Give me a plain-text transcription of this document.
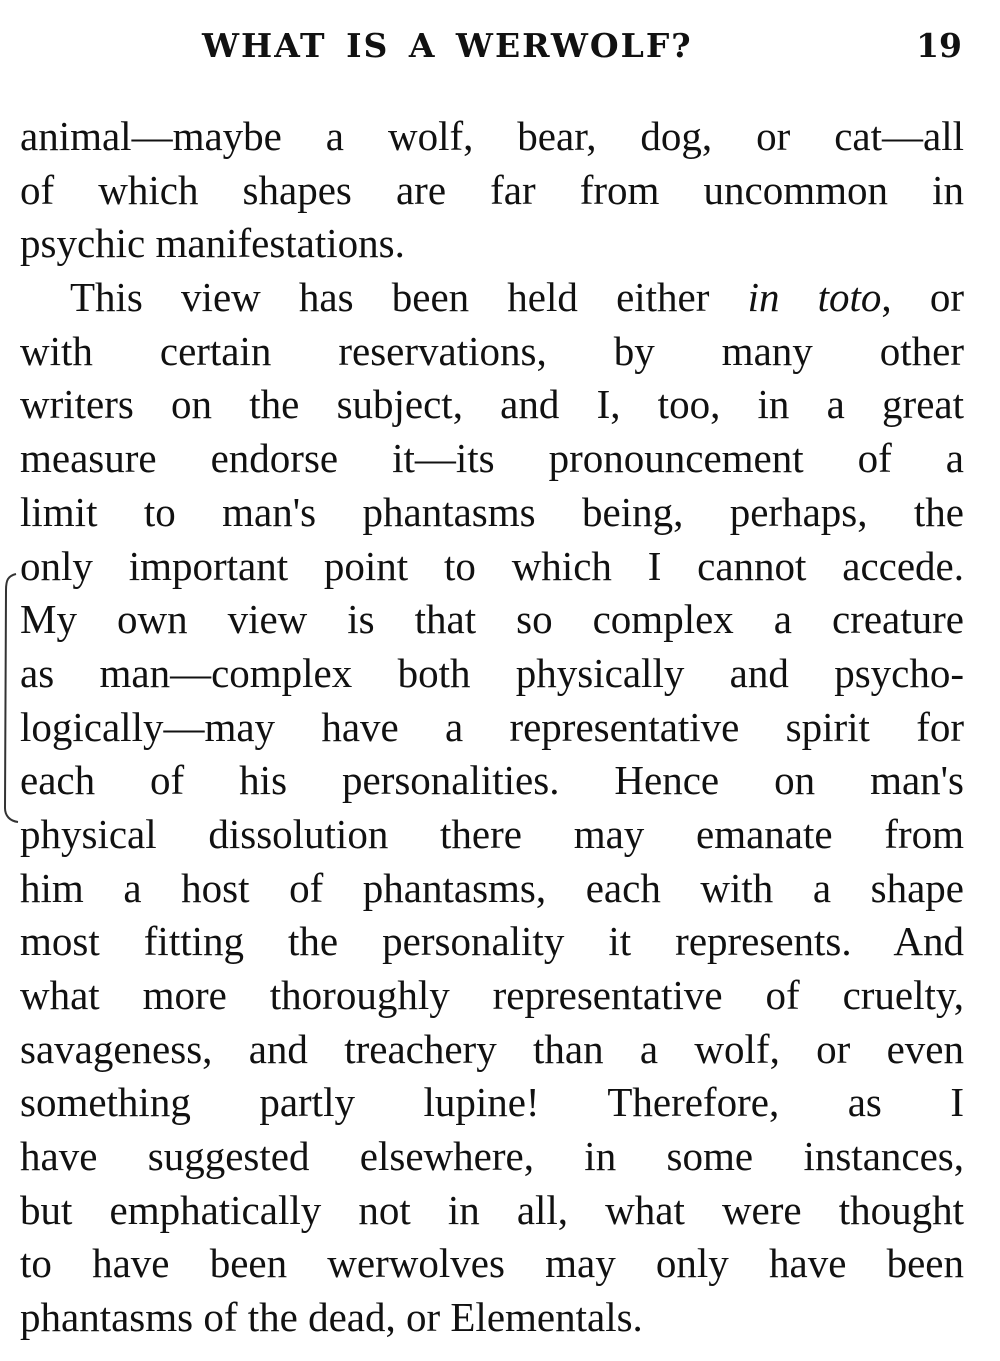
WHAT IS A WERWOLF?	19
animal—maybe a wolf, bear, dog, or cat—all
of which shapes are far from uncommon in
psychic manifestations.
This view has been held either in toto, or
with certain reservations, by many other
writers on the subject, and I, too, in a great
measure endorse it—its pronouncement of a
limit to man's phantasms being, perhaps, the
only important point to which I cannot accede.
My own view is that so complex a creature
as man—complex both physically and psycho-
logically—may have a representative spirit for
each of his personalities. Hence on man's
physical dissolution there may emanate from
him a host of phantasms, each with a shape
most fitting the personality it represents. And
what more thoroughly representative of cruelty,
savageness, and treachery than a wolf, or even
something partly lupine! Therefore, as I
have suggested elsewhere, in some instances,
but emphatically not in all, what were thought
to have been werwolves may only have been
phantasms of the dead, or Elementals.
